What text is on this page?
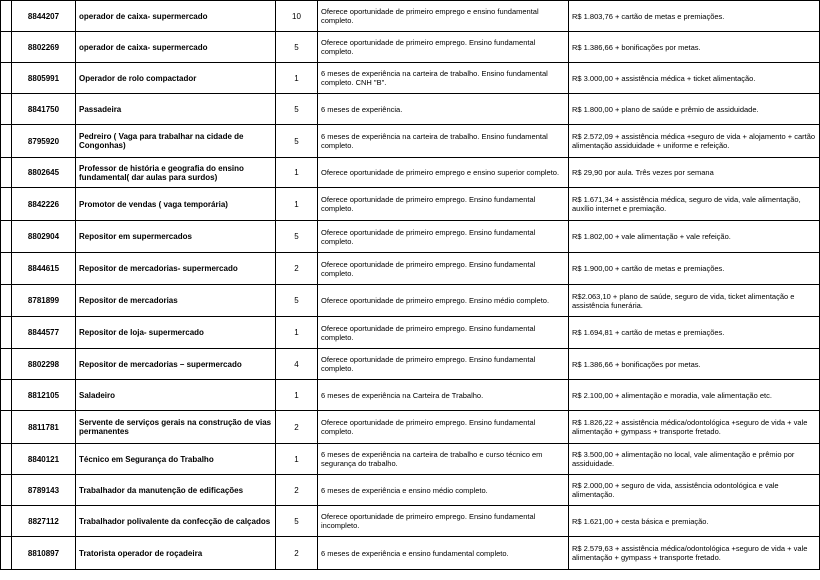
	8844207	operador de caixa- supermercado	10	Oferece oportunidade de primeiro emprego e ensino fundamental completo.	R$ 1.803,76 + cartão de metas e premiações.
	8802269	operador de caixa- supermercado	5	Oferece oportunidade de primeiro emprego. Ensino fundamental completo.	R$ 1.386,66 + bonificações por metas.
	8805991	Operador de rolo compactador	1	6 meses de experiência na carteira de trabalho. Ensino fundamental completo. CNH "B".	R$ 3.000,00 + assistência médica + ticket alimentação.
	8841750	Passadeira	5	6 meses de experiência.	R$ 1.800,00 + plano de saúde e prêmio de assiduidade.
	8795920	Pedreiro ( Vaga para trabalhar na cidade de Congonhas)	5	6 meses de experiência na carteira de trabalho. Ensino fundamental completo.	R$ 2.572,09 + assistência médica +seguro de vida + alojamento + cartão alimentação assiduidade + uniforme e refeição.
	8802645	Professor de história e geografia do ensino fundamental( dar aulas para surdos)	1	Oferece oportunidade de primeiro emprego e ensino superior completo.	R$ 29,90 por aula. Três vezes por semana
	8842226	Promotor de vendas ( vaga temporária)	1	Oferece oportunidade de primeiro emprego. Ensino fundamental completo.	R$ 1.671,34 + assistência médica, seguro de vida, vale alimentação, auxílio internet e premiação.
	8802904	Repositor em supermercados	5	Oferece oportunidade de primeiro emprego. Ensino fundamental completo.	R$ 1.802,00 + vale alimentação + vale refeição.
	8844615	Repositor de mercadorias- supermercado	2	Oferece oportunidade de primeiro emprego. Ensino fundamental completo.	R$ 1.900,00 + cartão de metas e premiações.
	8781899	Repositor de mercadorias	5	Oferece oportunidade de primeiro emprego. Ensino médio completo.	R$2.063,10 + plano de saúde, seguro de vida, ticket alimentação e assistência funerária.
	8844577	Repositor de loja- supermercado	1	Oferece oportunidade de primeiro emprego. Ensino fundamental completo.	R$ 1.694,81 + cartão de metas e premiações.
	8802298	Repositor de mercadorias – supermercado	4	Oferece oportunidade de primeiro emprego. Ensino fundamental completo.	R$ 1.386,66 + bonificações por metas.
	8812105	Saladeiro	1	6 meses de experiência na Carteira de Trabalho.	R$ 2.100,00 + alimentação e moradia, vale alimentação etc.
	8811781	Servente de serviços gerais na construção de vias permanentes	2	Oferece oportunidade de primeiro emprego. Ensino fundamental completo.	R$ 1.826,22 + assistência médica/odontológica +seguro de vida + vale alimentação + gympass + transporte fretado.
	8840121	Técnico em Segurança do Trabalho	1	6 meses de experiência na carteira de trabalho e curso técnico em segurança do trabalho.	R$ 3.500,00 + alimentação no local, vale alimentação e prêmio por assiduidade.
	8789143	Trabalhador da manutenção de edificações	2	6 meses de experiência e ensino médio completo.	R$ 2.000,00 + seguro de vida, assistência odontológica e vale alimentação.
	8827112	Trabalhador polivalente da confecção de calçados	5	Oferece oportunidade de primeiro emprego. Ensino fundamental incompleto.	R$ 1.621,00 + cesta básica e premiação.
	8810897	Tratorista operador de roçadeira	2	6 meses de experiência e ensino fundamental completo.	R$ 2.579,63 + assistência médica/odontológica +seguro de vida + vale alimentação + gympass + transporte fretado.
